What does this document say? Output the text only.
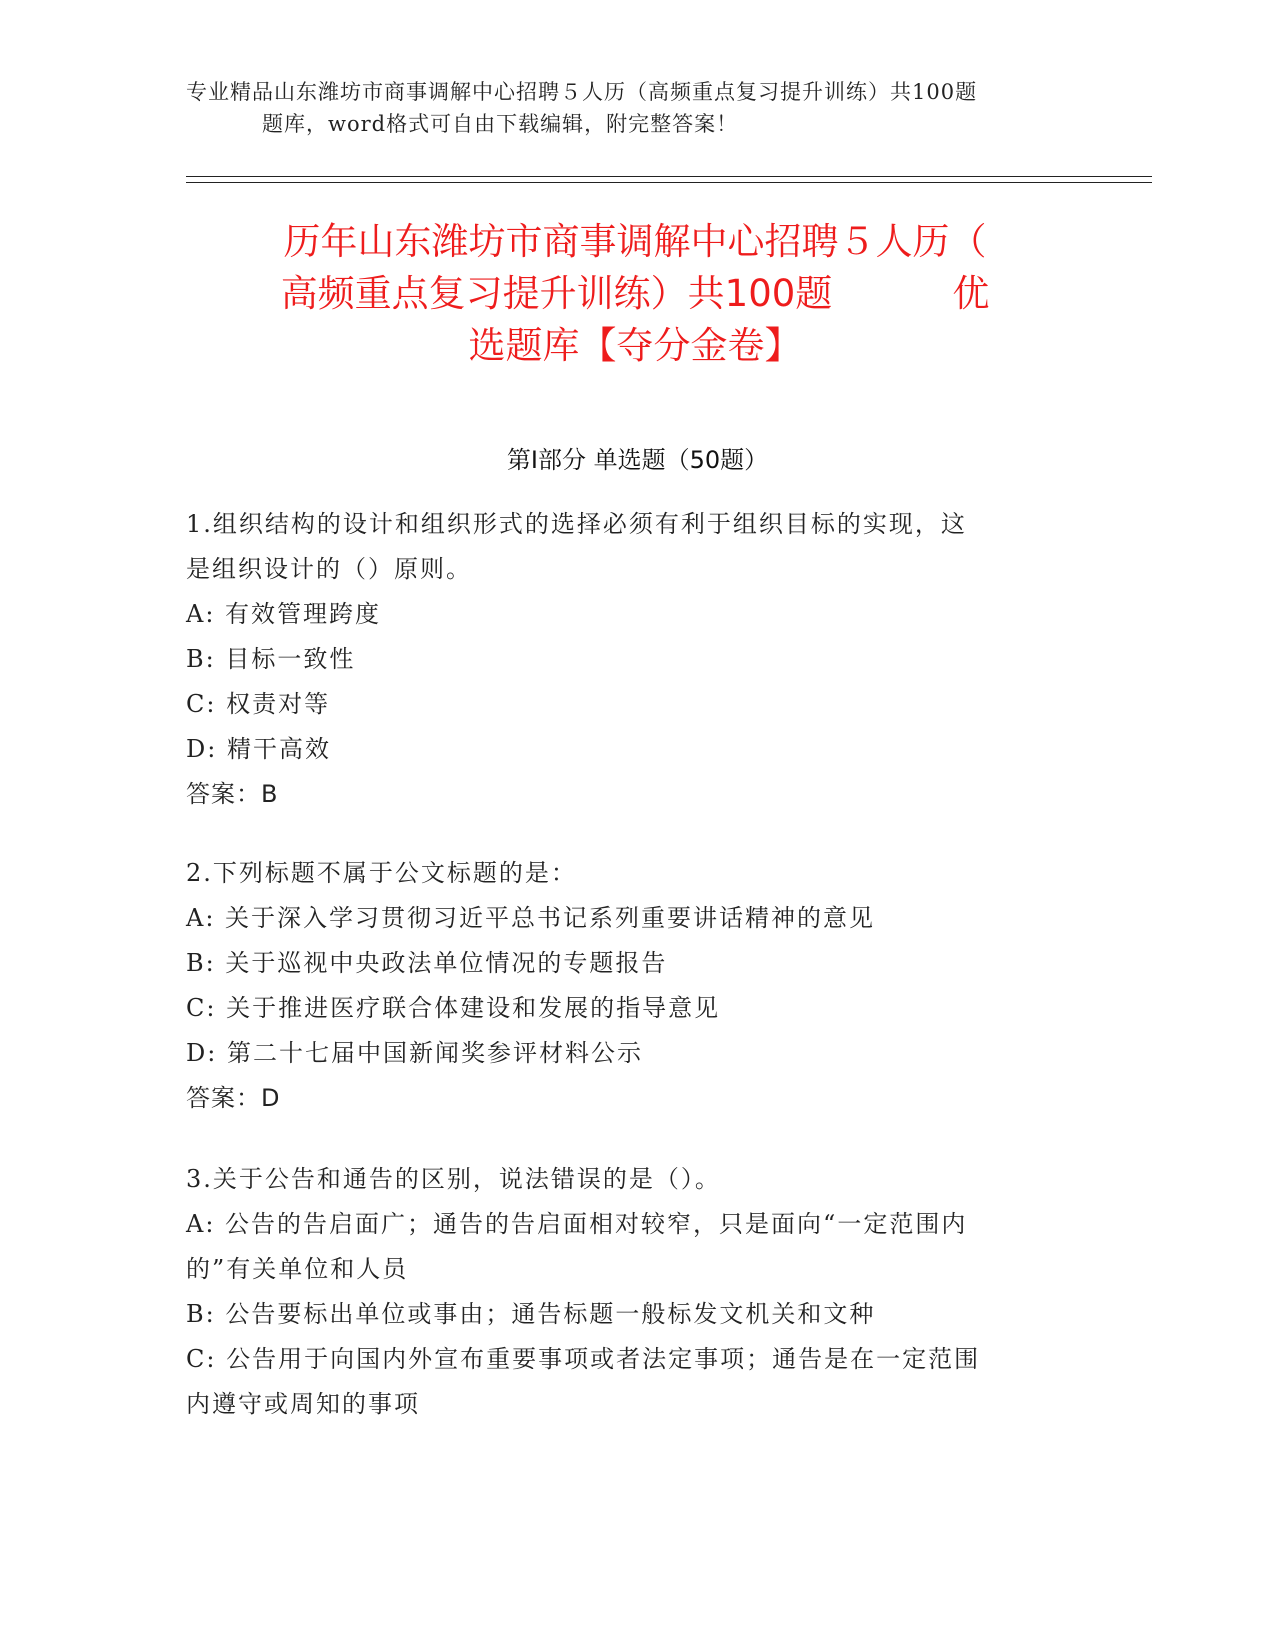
专业精品山东潍坊市商事调解中心招聘５人历（高频重点复习提升训练）共100题
题库，word格式可自由下载编辑，附完整答案！
历年山东潍坊市商事调解中心招聘５人历（
高频重点复习提升训练）共100题	优
选题库【夺分金卷】
第Ⅰ部分 单选题（50题）
1.组织结构的设计和组织形式的选择必须有利于组织目标的实现，这
是组织设计的（）原则。
A: 有效管理跨度
B: 目标一致性
C: 权责对等
D: 精干高效
答案：B
2.下列标题不属于公文标题的是：
A: 关于深入学习贯彻习近平总书记系列重要讲话精神的意见
B: 关于巡视中央政法单位情况的专题报告
C: 关于推进医疗联合体建设和发展的指导意见
D: 第二十七届中国新闻奖参评材料公示
答案：D
3.关于公告和通告的区别，说法错误的是（）。
A: 公告的告启面广；通告的告启面相对较窄，只是面向“一定范围内
的”有关单位和人员
B: 公告要标出单位或事由；通告标题一般标发文机关和文种
C: 公告用于向国内外宣布重要事项或者法定事项；通告是在一定范围
内遵守或周知的事项
